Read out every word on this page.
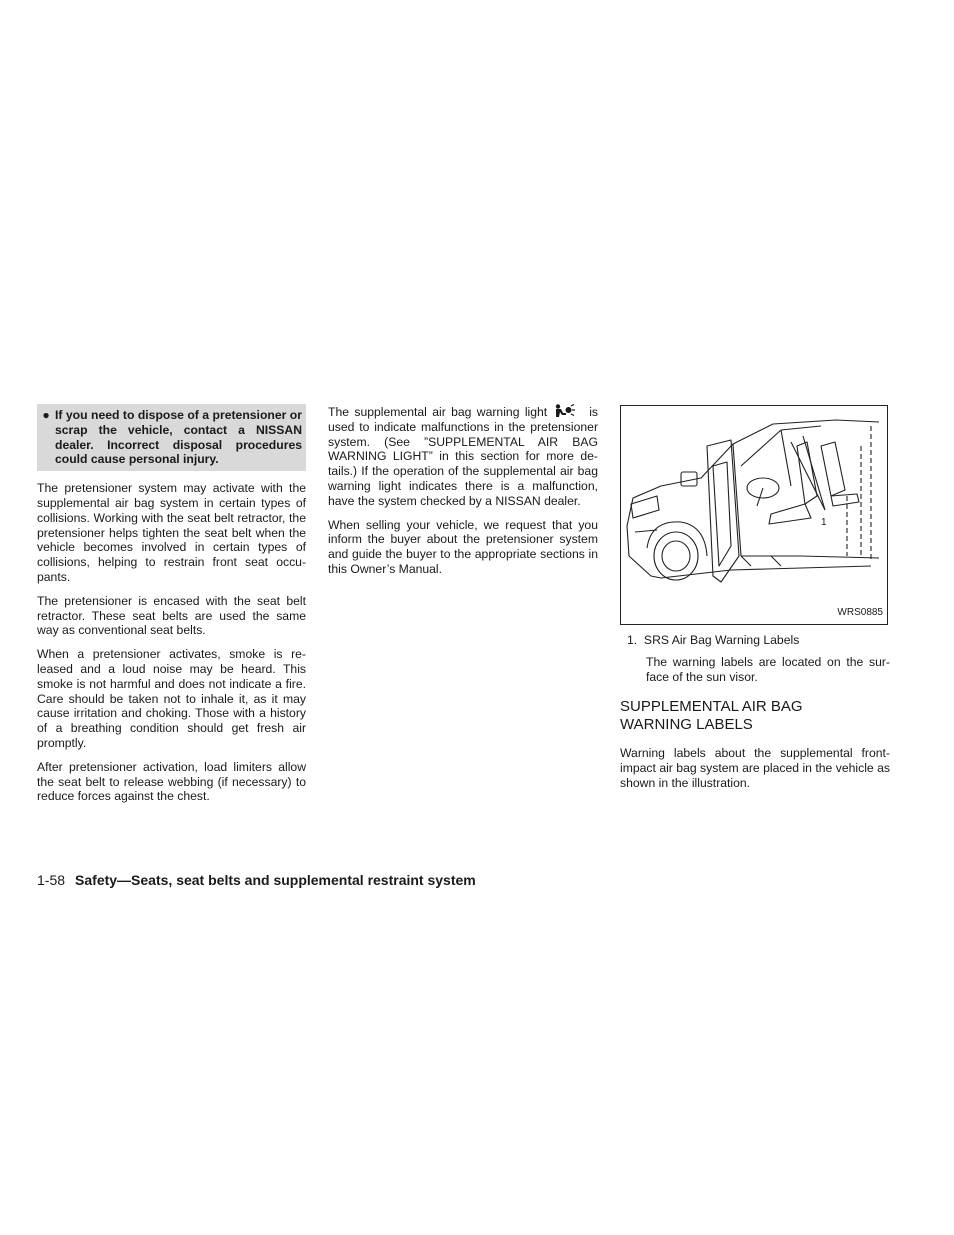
● If you need to dispose of a pretensioner or scrap the vehicle, contact a NISSAN dealer. Incorrect disposal procedures could cause personal injury.

The pretensioner system may activate with the supplemental air bag system in certain types of collisions. Working with the seat belt retractor, the pretensioner helps tighten the seat belt when the vehicle becomes involved in certain types of collisions, helping to restrain front seat occu-pants.

The pretensioner is encased with the seat belt retractor. These seat belts are used the same way as conventional seat belts.

When a pretensioner activates, smoke is re-leased and a loud noise may be heard. This smoke is not harmful and does not indicate a fire. Care should be taken not to inhale it, as it may cause irritation and choking. Those with a history of a breathing condition should get fresh air promptly.

After pretensioner activation, load limiters allow the seat belt to release webbing (if necessary) to reduce forces against the chest.

The supplemental air bag warning light	is used to indicate malfunctions in the pretensioner system. (See ”SUPPLEMENTAL AIR BAG WARNING LIGHT” in this section for more de-tails.) If the operation of the supplemental air bag warning light indicates there is a malfunction, have the system checked by a NISSAN dealer.

When selling your vehicle, we request that you inform the buyer about the pretensioner system and guide the buyer to the appropriate sections in this Owner’s Manual.

1
WRS0885
1.  SRS Air Bag Warning Labels
The warning labels are located on the sur-face of the sun visor.
SUPPLEMENTAL AIR BAG
WARNING LABELS

Warning labels about the supplemental front-impact air bag system are placed in the vehicle as shown in the illustration.

1-58 Safety—Seats, seat belts and supplemental restraint system
